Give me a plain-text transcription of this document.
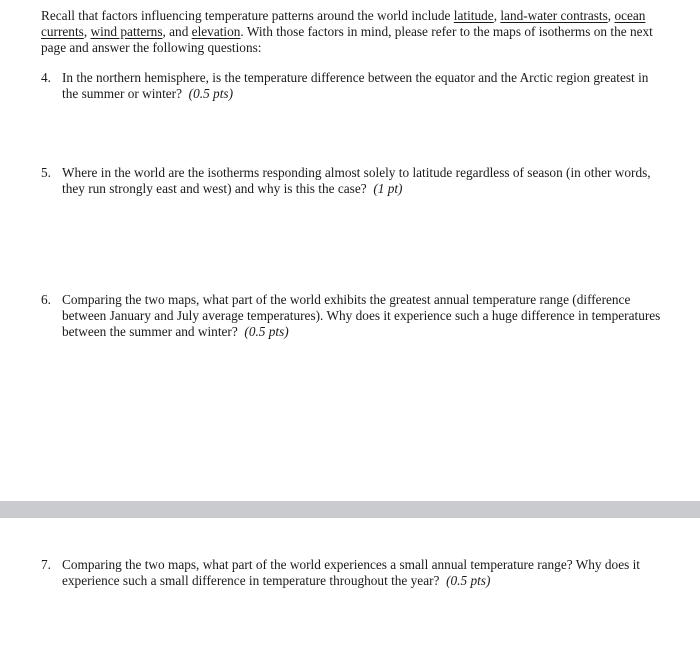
Recall that factors influencing temperature patterns around the world include latitude, land-water contrasts, ocean currents, wind patterns, and elevation. With those factors in mind, please refer to the maps of isotherms on the next page and answer the following questions:

4. In the northern hemisphere, is the temperature difference between the equator and the Arctic region greatest in the summer or winter? (0.5 pts)
5. Where in the world are the isotherms responding almost solely to latitude regardless of season (in other words, they run strongly east and west) and why is this the case? (1 pt)
6. Comparing the two maps, what part of the world exhibits the greatest annual temperature range (difference between January and July average temperatures). Why does it experience such a huge difference in temperatures between the summer and winter? (0.5 pts)
7. Comparing the two maps, what part of the world experiences a small annual temperature range? Why does it experience such a small difference in temperature throughout the year? (0.5 pts)
